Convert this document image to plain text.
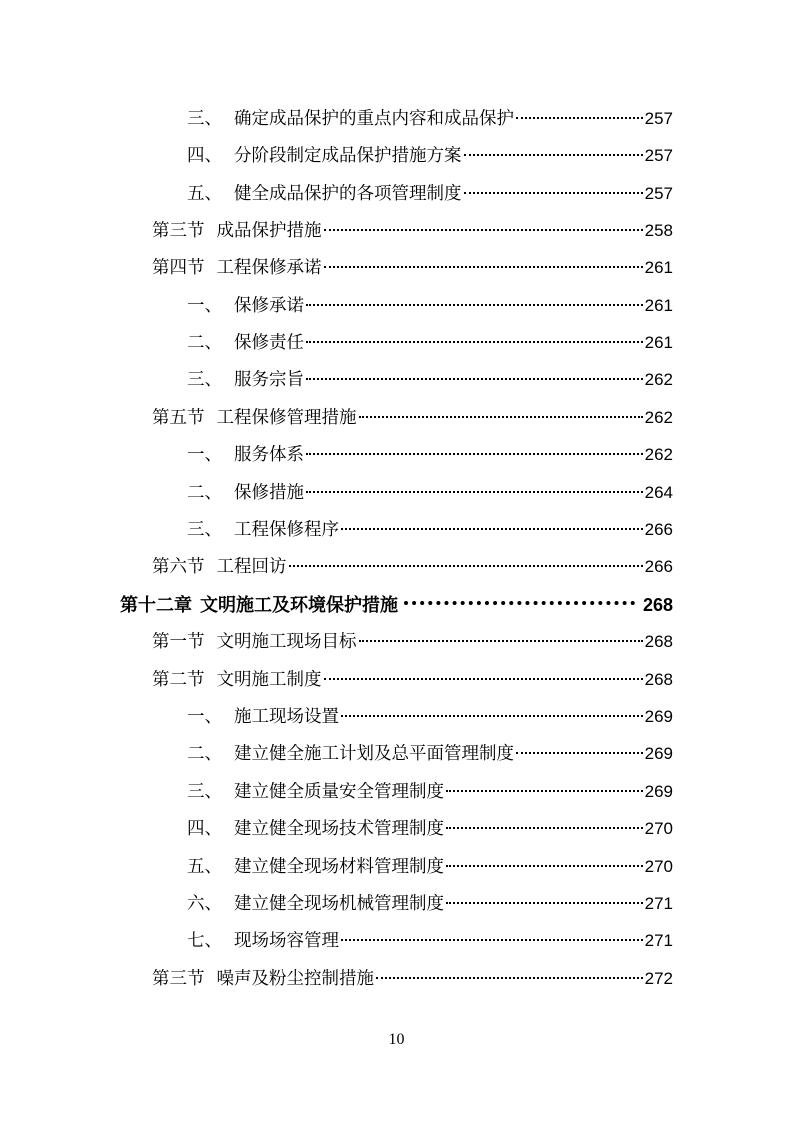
三、 确定成品保护的重点内容和成品保护	257
四、 分阶段制定成品保护措施方案	257
五、 健全成品保护的各项管理制度	257
第三节 成品保护措施	258
第四节 工程保修承诺	261
一、 保修承诺	261
二、 保修责任	261
三、 服务宗旨	262
第五节 工程保修管理措施	262
一、 服务体系	262
二、 保修措施	264
三、 工程保修程序	266
第六节 工程回访	266
第十二章 文明施工及环境保护措施	268
第一节 文明施工现场目标	268
第二节 文明施工制度	268
一、 施工现场设置	269
二、 建立健全施工计划及总平面管理制度	269
三、 建立健全质量安全管理制度	269
四、 建立健全现场技术管理制度	270
五、 建立健全现场材料管理制度	270
六、 建立健全现场机械管理制度	271
七、 现场场容管理	271
第三节 噪声及粉尘控制措施	272
10
